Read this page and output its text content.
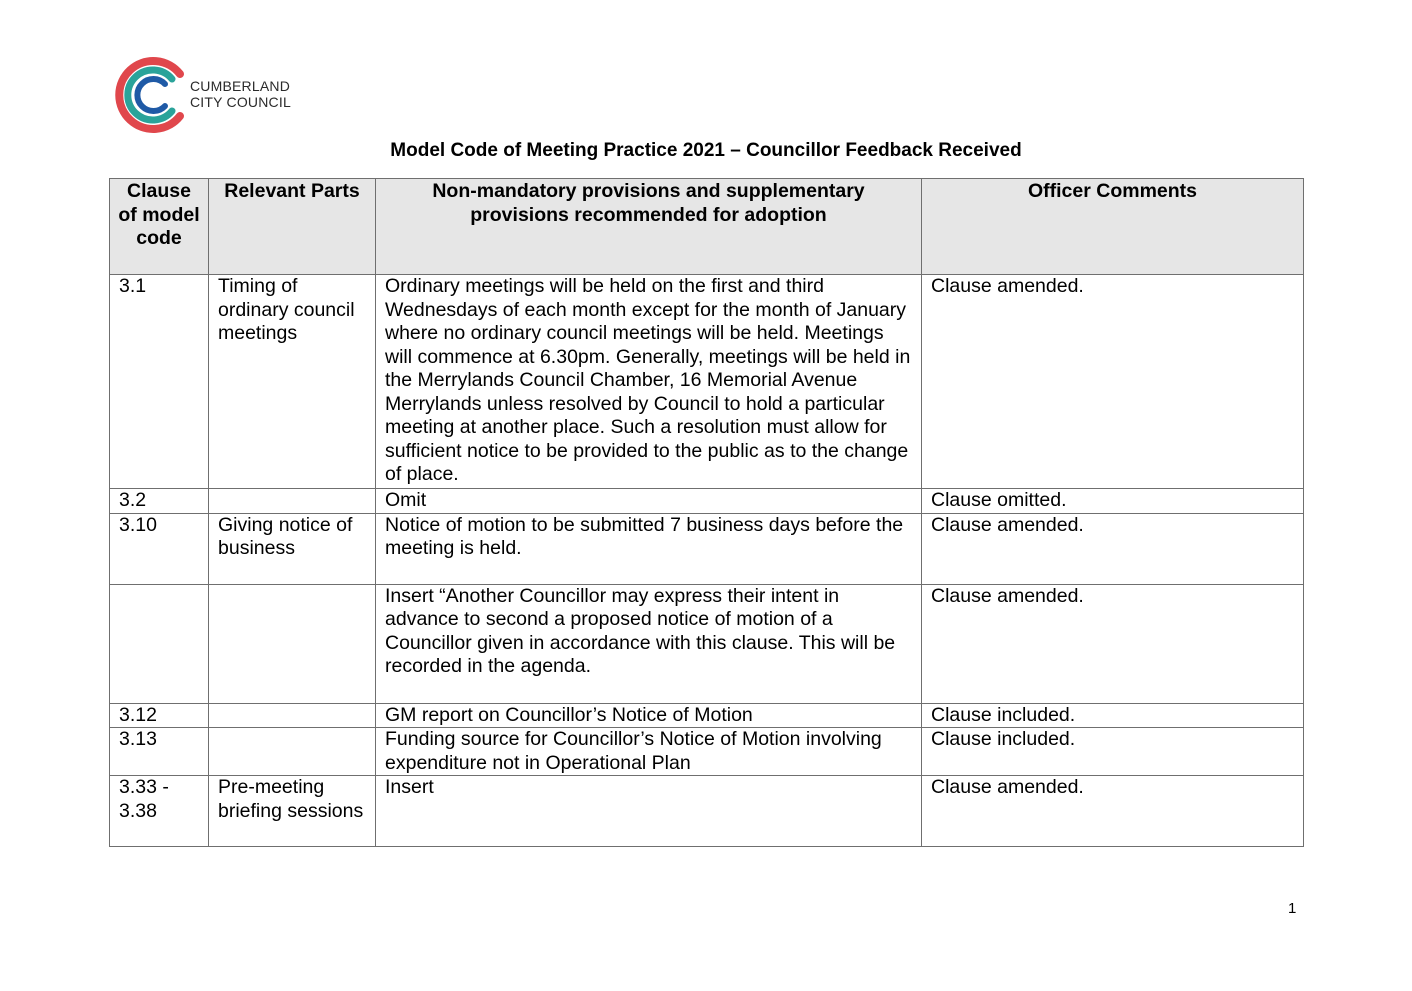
CUMBERLAND
CITY COUNCIL
Model Code of Meeting Practice 2021 – Councillor Feedback Received
Clause of model code	Relevant Parts	Non-mandatory provisions and supplementary provisions recommended for adoption	Officer Comments
3.1	Timing of ordinary council meetings	Ordinary meetings will be held on the first and third Wednesdays of each month except for the month of January where no ordinary council meetings will be held. Meetings will commence at 6.30pm. Generally, meetings will be held in the Merrylands Council Chamber, 16 Memorial Avenue Merrylands unless resolved by Council to hold a particular meeting at another place. Such a resolution must allow for sufficient notice to be provided to the public as to the change of place.	Clause amended.
3.2		Omit	Clause omitted.
3.10	Giving notice of business	Notice of motion to be submitted 7 business days before the meeting is held.	Clause amended.
		Insert “Another Councillor may express their intent in advance to second a proposed notice of motion of a Councillor given in accordance with this clause. This will be recorded in the agenda.	Clause amended.
3.12		GM report on Councillor’s Notice of Motion	Clause included.
3.13		Funding source for Councillor’s Notice of Motion involving expenditure not in Operational Plan	Clause included.
3.33 - 3.38	Pre-meeting briefing sessions	Insert	Clause amended.
1
